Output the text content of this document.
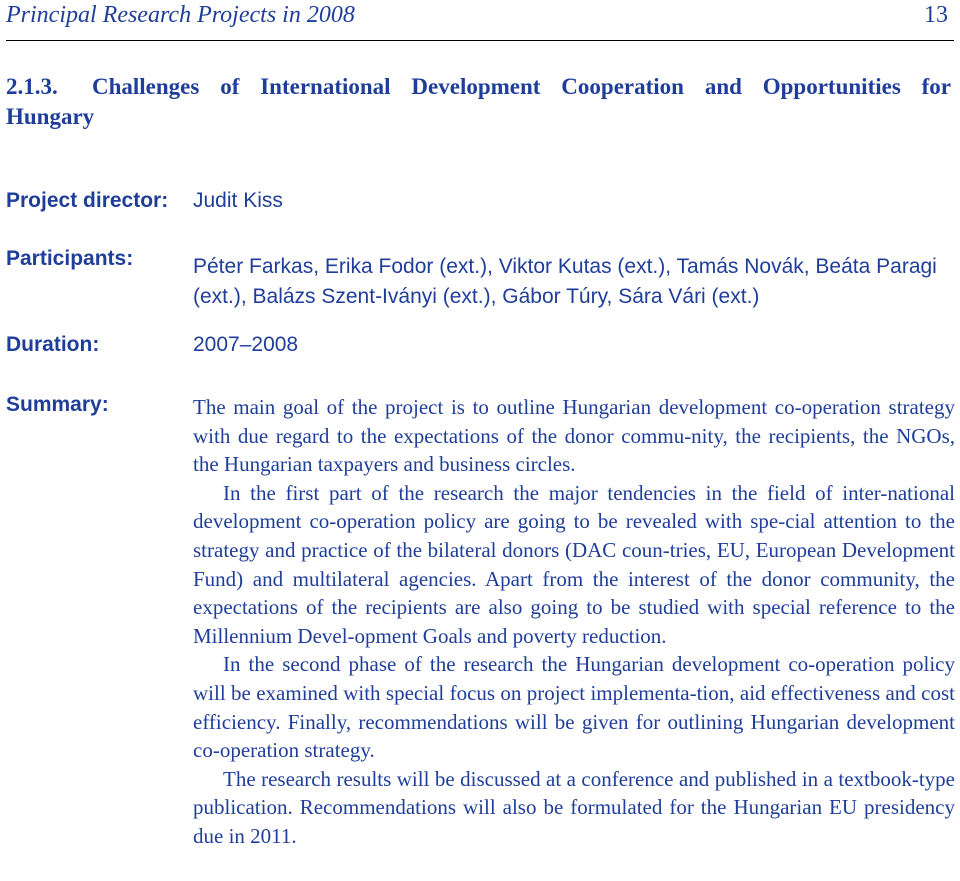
Principal Research Projects in 2008	13
2.1.3. Challenges of International Development Cooperation and Opportunities for
Hungary
Project director: Judit Kiss
Participants:	Péter Farkas, Erika Fodor (ext.), Viktor Kutas (ext.), Tamás Novák, Beáta Paragi (ext.), Balázs Szent-Iványi (ext.), Gábor Túry, Sára Vári (ext.)
Duration:	2007–2008
Summary:	The main goal of the project is to outline Hungarian development co-operation strategy with due regard to the expectations of the donor commu-nity, the recipients, the NGOs, the Hungarian taxpayers and business circles.

In the first part of the research the major tendencies in the field of inter-national development co-operation policy are going to be revealed with spe-cial attention to the strategy and practice of the bilateral donors (DAC coun-tries, EU, European Development Fund) and multilateral agencies. Apart from the interest of the donor community, the expectations of the recipients are also going to be studied with special reference to the Millennium Devel-opment Goals and poverty reduction.

In the second phase of the research the Hungarian development co-operation policy will be examined with special focus on project implementa-tion, aid effectiveness and cost efficiency. Finally, recommendations will be given for outlining Hungarian development co-operation strategy.

The research results will be discussed at a conference and published in a textbook-type publication. Recommendations will also be formulated for the Hungarian EU presidency due in 2011.
